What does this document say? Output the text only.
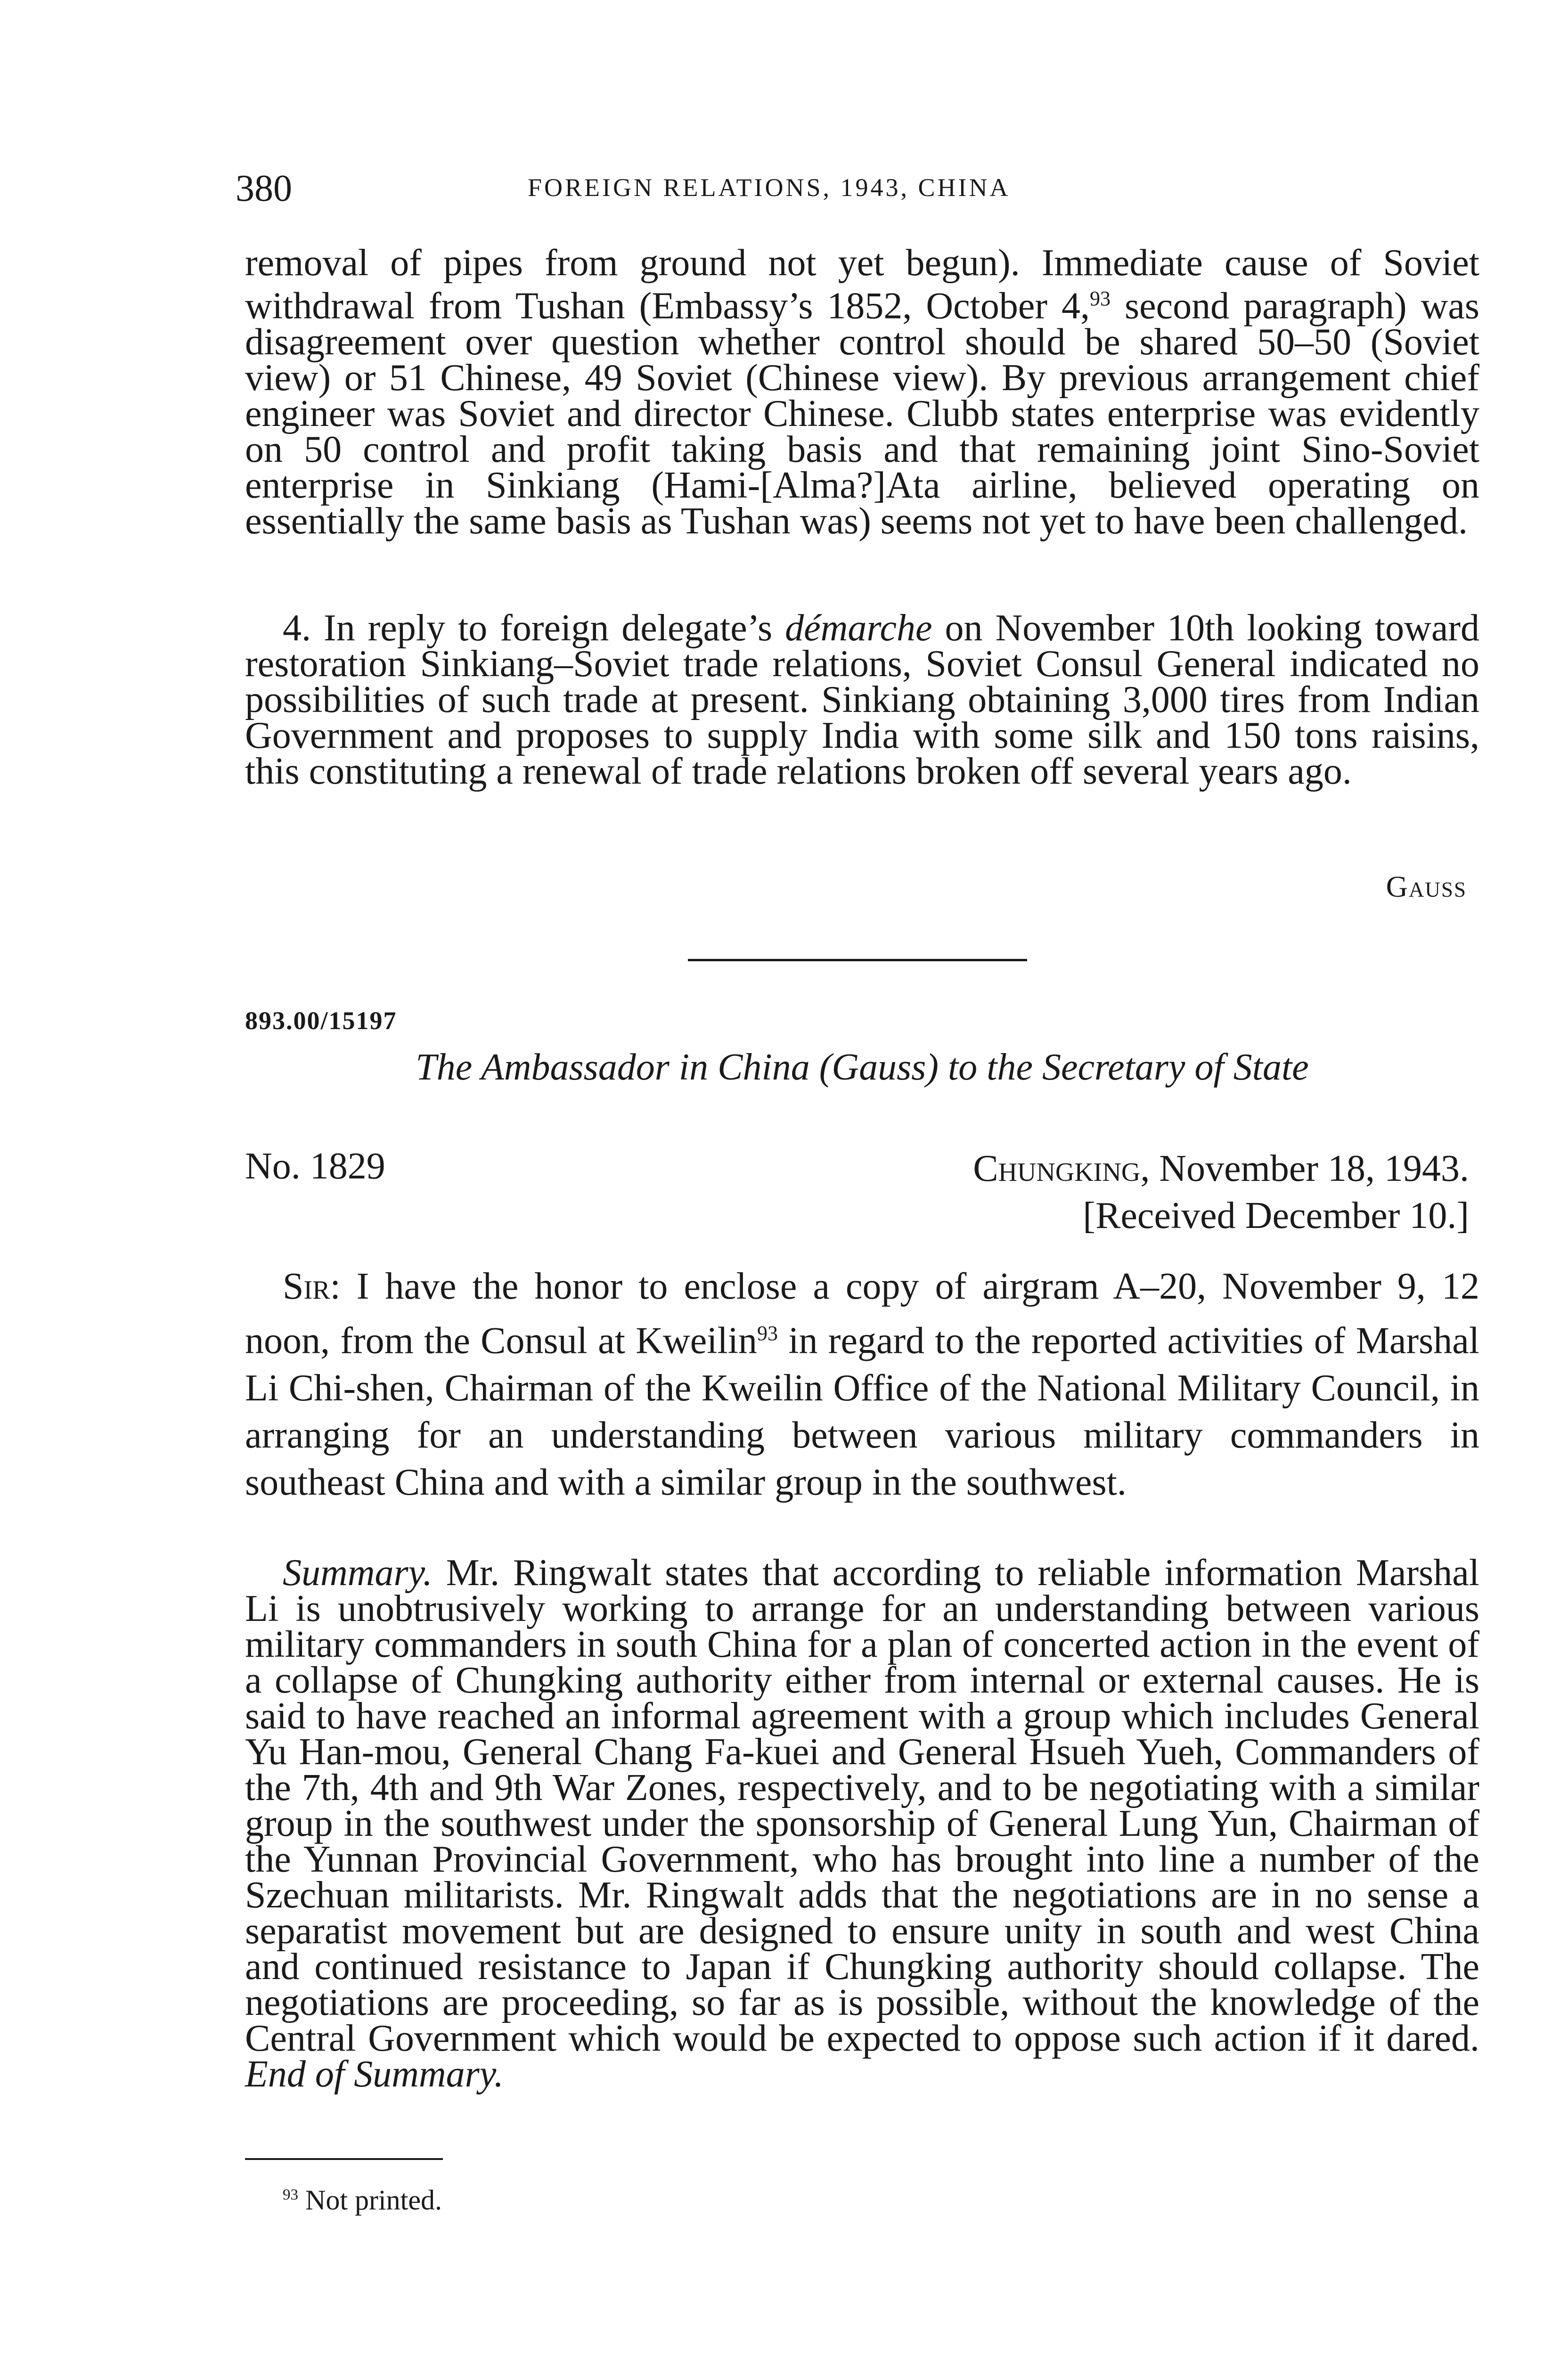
380	FOREIGN RELATIONS, 1943, CHINA

removal of pipes from ground not yet begun). Immediate cause of Soviet withdrawal from Tushan (Embassy’s 1852, October 4,93 second paragraph) was disagreement over question whether control should be shared 50–50 (Soviet view) or 51 Chinese, 49 Soviet (Chinese view). By previous arrangement chief engineer was Soviet and director Chinese. Clubb states enterprise was evidently on 50 control and profit taking basis and that remaining joint Sino-Soviet enterprise in Sinkiang (Hami-[Alma?]Ata airline, believed operating on essentially the same basis as Tushan was) seems not yet to have been challenged.

4. In reply to foreign delegate’s démarche on November 10th looking toward restoration Sinkiang–Soviet trade relations, Soviet Consul General indicated no possibilities of such trade at present. Sinkiang obtaining 3,000 tires from Indian Government and proposes to supply India with some silk and 150 tons raisins, this constituting a renewal of trade relations broken off several years ago.

Gauss
893.00/15197
The Ambassador in China (Gauss) to the Secretary of State
No. 1829	Chungking, November 18, 1943.
[Received December 10.]

Sir: I have the honor to enclose a copy of airgram A–20, November 9, 12 noon, from the Consul at Kweilin$^{93}$ in regard to the reported activities of Marshal Li Chi-shen, Chairman of the Kweilin Office of the National Military Council, in arranging for an understanding between various military commanders in southeast China and with a similar group in the southwest.

Summary. Mr. Ringwalt states that according to reliable information Marshal Li is unobtrusively working to arrange for an understanding between various military commanders in south China for a plan of concerted action in the event of a collapse of Chungking authority either from internal or external causes. He is said to have reached an informal agreement with a group which includes General Yu Han-mou, General Chang Fa-kuei and General Hsueh Yueh, Commanders of the 7th, 4th and 9th War Zones, respectively, and to be negotiating with a similar group in the southwest under the sponsorship of General Lung Yun, Chairman of the Yunnan Provincial Government, who has brought into line a number of the Szechuan militarists. Mr. Ringwalt adds that the negotiations are in no sense a separatist movement but are designed to ensure unity in south and west China and continued resistance to Japan if Chungking authority should collapse. The negotiations are proceeding, so far as is possible, without the knowledge of the Central Government which would be expected to oppose such action if it dared. End of Summary.

$^{93}$ Not printed.
